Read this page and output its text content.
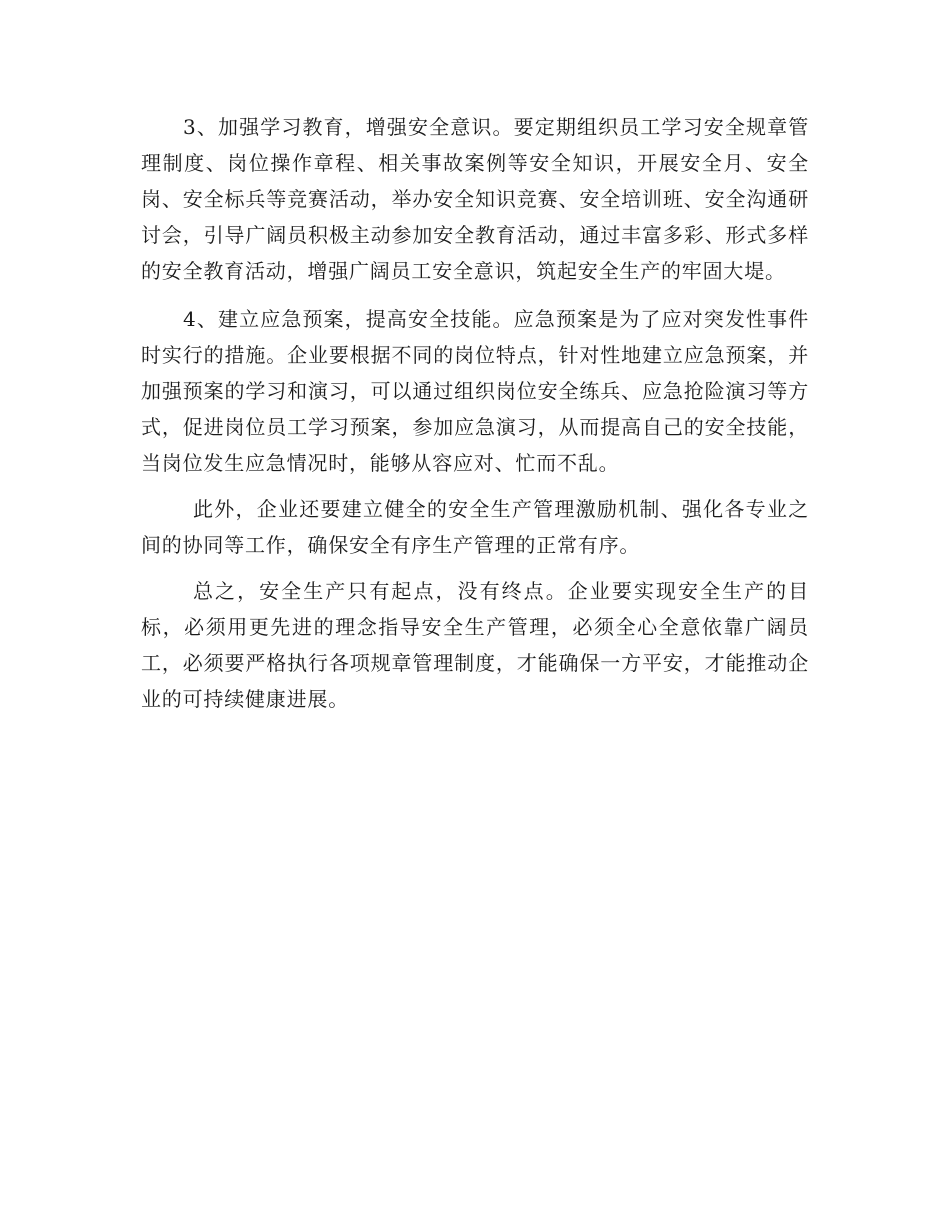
3、加强学习教育，增强安全意识。要定期组织员工学习安全规章管理制度、岗位操作章程、相关事故案例等安全知识，开展安全月、安全岗、安全标兵等竞赛活动，举办安全知识竞赛、安全培训班、安全沟通研讨会，引导广阔员积极主动参加安全教育活动，通过丰富多彩、形式多样的安全教育活动，增强广阔员工安全意识，筑起安全生产的牢固大堤。

4、建立应急预案，提高安全技能。应急预案是为了应对突发性事件时实行的措施。企业要根据不同的岗位特点，针对性地建立应急预案，并加强预案的学习和演习，可以通过组织岗位安全练兵、应急抢险演习等方式，促进岗位员工学习预案，参加应急演习，从而提高自己的安全技能，当岗位发生应急情况时，能够从容应对、忙而不乱。

此外，企业还要建立健全的安全生产管理激励机制、强化各专业之间的协同等工作，确保安全有序生产管理的正常有序。

总之，安全生产只有起点，没有终点。企业要实现安全生产的目标，必须用更先进的理念指导安全生产管理，必须全心全意依靠广阔员工，必须要严格执行各项规章管理制度，才能确保一方平安，才能推动企业的可持续健康进展。
